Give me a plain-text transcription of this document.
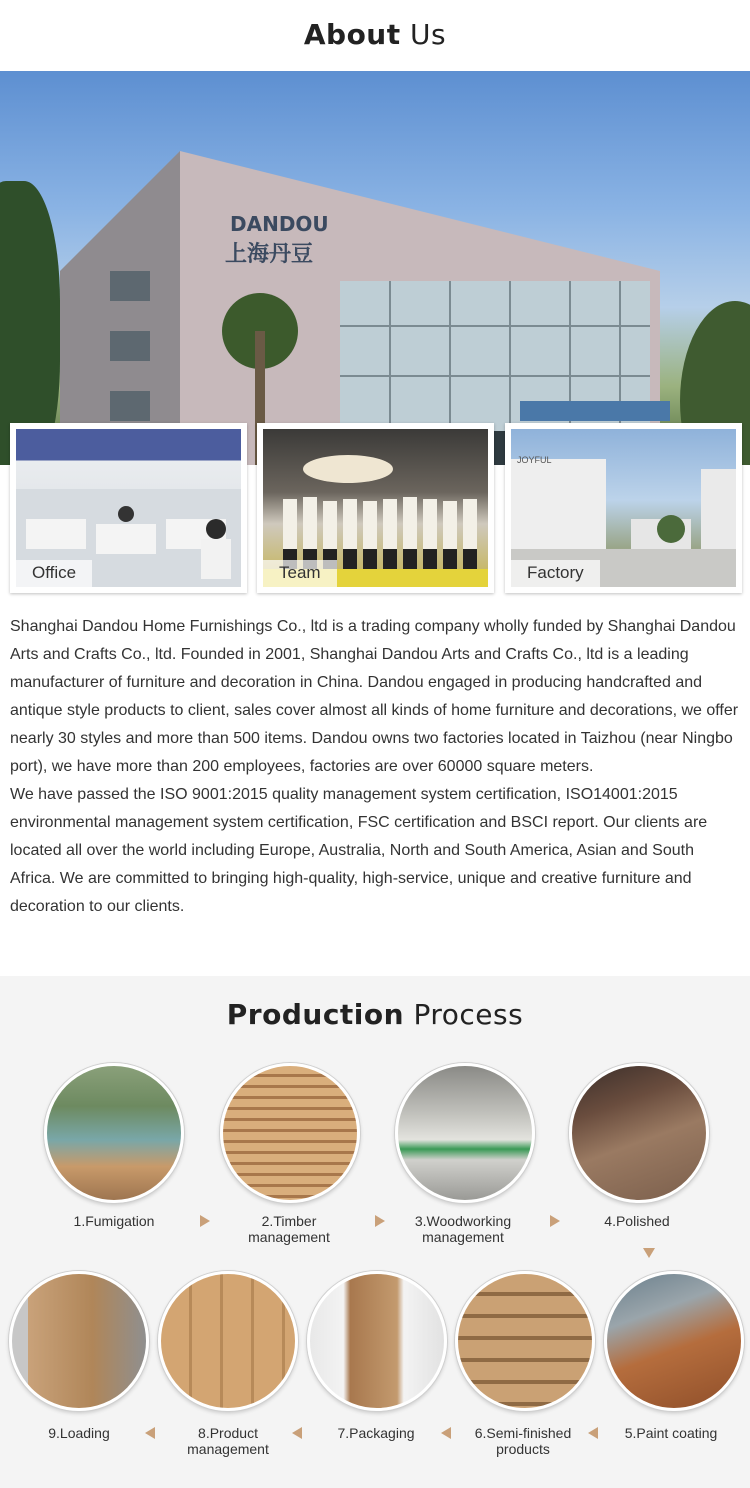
About Us
DANDOU
上海丹豆
Office	Team
JOYFUL
Factory

Shanghai Dandou Home Furnishings Co., ltd is a trading company wholly funded by Shanghai Dandou Arts and Crafts Co., ltd. Founded in 2001, Shanghai Dandou Arts and Crafts Co., ltd is a leading manufacturer of furniture and decoration in China. Dandou engaged in producing handcrafted and antique style products to client, sales cover almost all kinds of home furniture and decorations, we offer nearly 30 styles and more than 500 items. Dandou owns two factories located in Taizhou (near Ningbo port), we have more than 200 employees, factories are over 60000 square meters.

We have passed the ISO 9001:2015 quality management system certification, ISO14001:2015 environmental management system certification, FSC certification and BSCI report. Our clients are located all over the world including Europe, Australia, North and South America, Asian and South Africa. We are committed to bringing high-quality, high-service, unique and creative furniture and decoration to our clients.

Production Process
1.Fumigation	2.Timber
management
3.Woodworking
management
4.Polished
9.Loading	8.Product
management
7.Packaging	6.Semi-finished
products
5.Paint coating
